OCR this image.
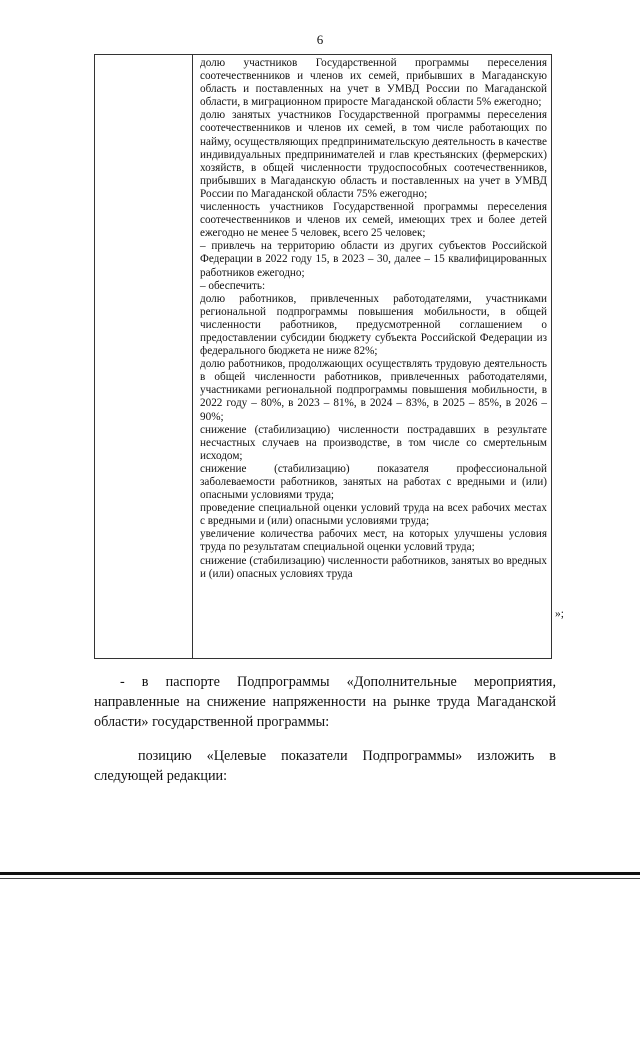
6

долю участников Государственной программы переселения соотечественников и членов их семей, прибывших в Магаданскую область и поставленных на учет в УМВД России по Магаданской области, в миграционном приросте Магаданской области 5% ежегодно;

долю занятых участников Государственной программы переселения соотечественников и членов их семей, в том числе работающих по найму, осуществляющих предпринимательскую деятельность в качестве индивидуальных предпринимателей и глав крестьянских (фермерских) хозяйств, в общей численности трудоспособных соотечественников, прибывших в Магаданскую область и поставленных на учет в УМВД России по Магаданской области 75% ежегодно;

численность участников Государственной программы переселения соотечественников и членов их семей, имеющих трех и более детей ежегодно не менее 5 человек, всего 25 человек;

– привлечь на территорию области из других субъектов Российской Федерации в 2022 году 15, в 2023 – 30, далее – 15 квалифицированных работников ежегодно;

– обеспечить:

долю работников, привлеченных работодателями, участниками региональной подпрограммы повышения мобильности, в общей численности работников, предусмотренной соглашением о предоставлении субсидии бюджету субъекта Российской Федерации из федерального бюджета не ниже 82%;

долю работников, продолжающих осуществлять трудовую деятельность в общей численности работников, привлеченных работодателями, участниками региональной подпрограммы повышения мобильности, в 2022 году – 80%, в 2023 – 81%, в 2024 – 83%, в 2025 – 85%, в 2026 – 90%;

снижение (стабилизацию) численности пострадавших в результате несчастных случаев на производстве, в том числе со смертельным исходом;

снижение (стабилизацию) показателя профессиональной заболеваемости работников, занятых на работах с вредными и (или) опасными условиями труда;

проведение специальной оценки условий труда на всех рабочих местах с вредными и (или) опасными условиями труда;

увеличение количества рабочих мест, на которых улучшены условия труда по результатам специальной оценки условий труда;

снижение (стабилизацию) численности работников, занятых во вредных и (или) опасных условиях труда

»;
- в паспорте Подпрограммы «Дополнительные мероприятия, направленные на снижение напряженности на рынке труда Магаданской области» государственной программы:
позицию «Целевые показатели Подпрограммы» изложить в следующей редакции:
